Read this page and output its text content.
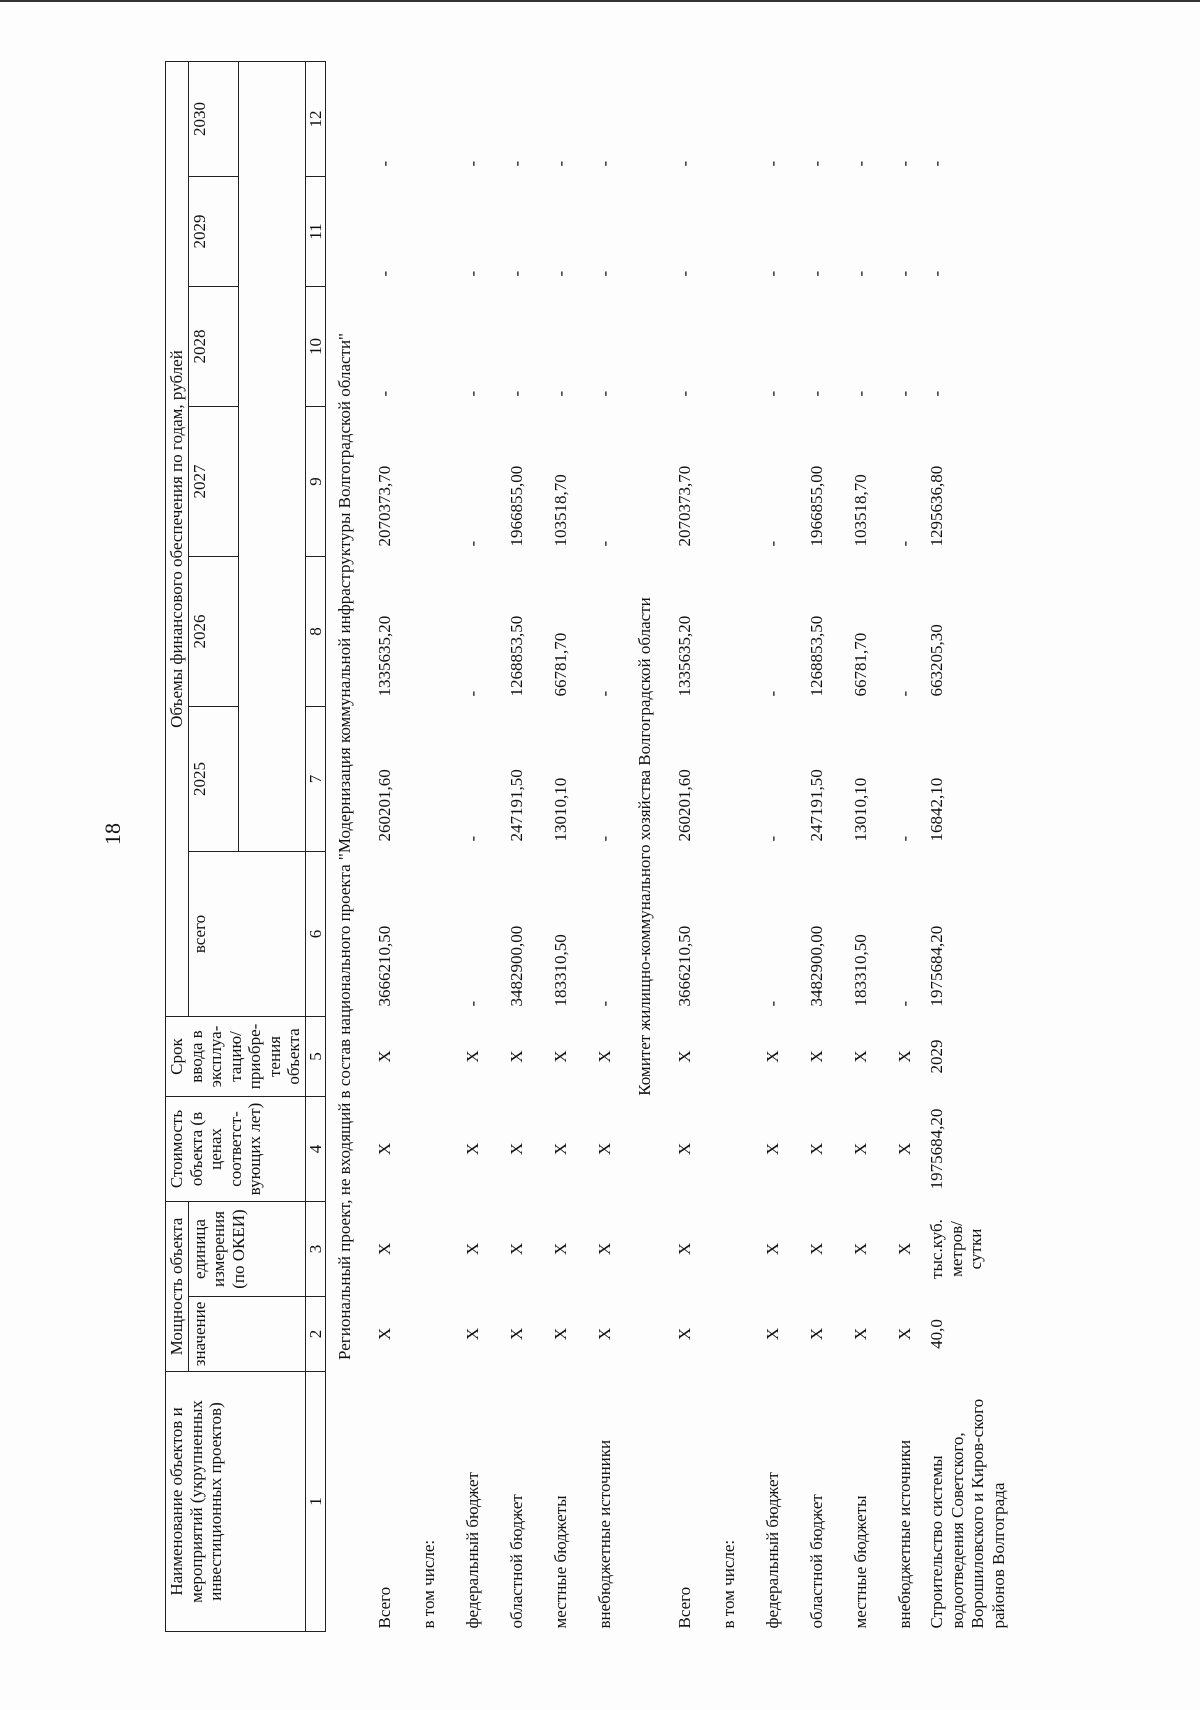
18
Наименование объектов и мероприятий (укрупненных инвестиционных проектов)	Мощность объекта		Стоимость объекта (в ценах соответст-вующих лет)	Срок ввода в эксплуа-тацию/ приобре-тения объекта	Объемы финансового обеспечения по годам, рублей						
	значение	единица измерения (по ОКЕИ)			всего	2025	2026	2027	2028	2029	2030

1	2	3	4	5	6	7	8	9	10	11	12
Региональный проект, не входящий в состав национального проекта "Модернизация коммунальной инфраструктуры Волгоградской области"											
Всего	X	X	X	X	3666210,50	260201,60	1335635,20	2070373,70	-	-	-
в том числе:											
федеральный бюджет	X	X	X	X	-	-	-	-	-	-	-
областной бюджет	X	X	X	X	3482900,00	247191,50	1268853,50	1966855,00	-	-	-
местные бюджеты	X	X	X	X	183310,50	13010,10	66781,70	103518,70	-	-	-
внебюджетные источники	X	X	X	X	-	-	-	-	-	-	-
Комитет жилищно-коммунального хозяйства Волгоградской области											
Всего	X	X	X	X	3666210,50	260201,60	1335635,20	2070373,70	-	-	-
в том числе:											
федеральный бюджет	X	X	X	X	-	-	-	-	-	-	-
областной бюджет	X	X	X	X	3482900,00	247191,50	1268853,50	1966855,00	-	-	-
местные бюджеты	X	X	X	X	183310,50	13010,10	66781,70	103518,70	-	-	-
внебюджетные источники	X	X	X	X	-	-	-	-	-	-	-
Строительство системы водоотведения Советского, Ворошиловского и Киров-ского районов Волгограда	40,0	тыс.куб. метров/ сутки	1975684,20	2029	1975684,20	16842,10	663205,30	1295636,80	-	-	-
